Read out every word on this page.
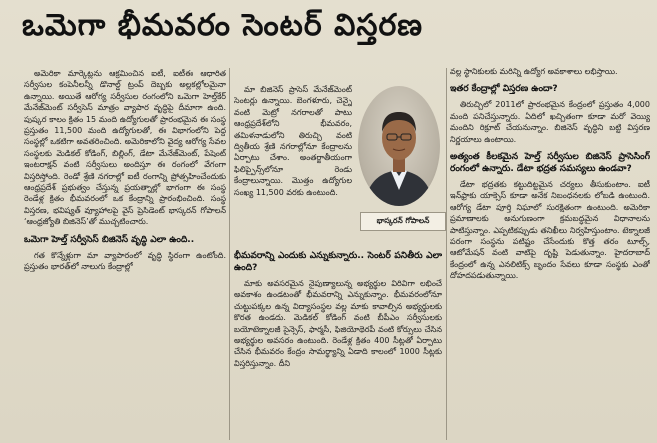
ఒమెగా భీమవరం సెంటర్ విస్తరణ

అమెరికా మార్కెట్లను ఆక్రమించిన ఐటీ, ఐటీఈ ఆధారిత సర్వీసుల కంపెనీలన్నీ డొనాల్డ్ ట్రంప్ దెబ్బకు అల్లకల్లోలమైనా ఉన్నాయి. అయితే ఆరోగ్య సర్వీసుల రంగంలోని ఒమెగా హెల్త్‌కేర్ మేనేజ్‌మెంట్ సర్వీసెస్ మాత్రం వ్యాపార వృద్ధిపై దీమాగా ఉంది. పుష్కర కాలం క్రితం 15 మంది ఉద్యోగులతో ప్రారంభమైన ఈ సంస్థ ప్రస్తుతం 11,500 మంది ఉద్యోగులతో, ఈ విభాగంలోని పెద్ద సంస్థల్లో ఒకటిగా అవతరించింది. అమెరికాలోని వైద్య ఆరోగ్య సేవల సంస్థలకు మెడికల్ కోడింగ్, బిల్లింగ్, డేటా మేనేజ్‌మెంట్, పేషెంట్ ఇంటరాక్షన్ వంటి సర్వీసులు అందిస్తూ ఈ రంగంలో వేగంగా విస్తరిస్తోంది. రెండో శ్రేణి నగరాల్లో ఐటీ రంగాన్ని ప్రోత్సహించేందుకు ఆంధ్రప్రదేశ్ ప్రభుత్వం చేస్తున్న ప్రయత్నాల్లో భాగంగా ఈ సంస్థ రెండేళ్ల క్రితం భీమవరంలో ఒక కేంద్రాన్ని ప్రారంభించింది. సంస్థ విస్తరణ, భవిష్యత్ వ్యూహాలపై వైస్ ప్రెసిడెంట్ భాస్కరన్ గోపాలన్ ‘ఆంధ్రజ్యోతి బిజినెస్’తో ముచ్చటించారు.

ఒమెగా హెల్త్ సర్వీసెస్ బిజినెస్ వృద్ధి ఎలా ఉంది..

గత కొన్నేళ్లుగా మా వ్యాపారంలో వృద్ధి స్థిరంగా ఉంటోంది. ప్రస్తుతం భారత్‌లో నాలుగు కేంద్రాల్లో

మా బిజినెస్ ప్రాసెస్ మేనేజ్‌మెంట్ సెంటర్లు ఉన్నాయి. బెంగళూరు, చెన్నై వంటి మెట్రో నగరాలతో పాటు ఆంధ్రప్రదేశ్‌లోని భీమవరం, తమిళనాడులోని తిరుచ్చి వంటి ద్వితీయ శ్రేణి నగరాల్లోనూ కేంద్రాలను ఏర్పాటు చేశాం. అంతర్జాతీయంగా ఫిలిప్పైన్స్‌లోనూ రెండు కేంద్రాలున్నాయి. మొత్తం ఉద్యోగుల సంఖ్య 11,500 వరకు ఉంటుంది.

భాస్కరన్ గోపాలన్
భీమవరాన్ని ఎందుకు ఎన్నుకున్నారు.. సెంటర్ పనితీరు ఎలా ఉంది?

మాకు అవసరమైన నైపుణ్యాలున్న అభ్యర్థుల విరివిగా లభించే అవకాశం ఉండటంతో భీమవరాన్ని ఎన్నుకున్నాం. భీమవరంలోనూ చుట్టుపక్కల ఉన్న విద్యాసంస్థల వల్ల మాకు కావాల్సిన అభ్యర్థులకు కొరత ఉండదు. మెడికల్ కోడింగ్ వంటి బీపీఎం సర్వీసులకు బయోటెక్నాలజీ సైన్సెస్, ఫార్మసీ, ఫిజియోథెరపీ వంటి కోర్సులు చేసిన అభ్యర్థుల అవసరం ఉంటుంది. రెండేళ్ల క్రితం 400 సీట్లతో ఏర్పాటు చేసిన భీమవరం కేంద్రం సామర్థ్యాన్ని ఏడాది కాలంలో 1000 సీట్లకు విస్తరిస్తున్నాం. దీని

వల్ల స్థానికులకు మరిన్ని ఉద్యోగ అవకాశాలు లభిస్తాయి.

ఇతర కేంద్రాల్లో విస్తరణ ఉందా?

తిరుచ్చిలో 2011లో ప్రారంభమైన కేంద్రంలో ప్రస్తుతం 4,000 మంది పనిచేస్తున్నారు. ఏదిలో ఖచ్చితంగా కూడా మరో వెయ్యి మందిని రిక్రూట్ చేయనున్నాం. బిజినెస్ వృద్ధిని బట్టి విస్తరణ నిర్ణయాలు ఉంటాయి.

అత్యంత కీలకమైన హెల్త్ సర్వీసుల బిజినెస్ ప్రాసెసింగ్ రంగంలో ఉన్నారు. డేటా భద్రత సమస్యలు ఉండవా?

డేటా భద్రతకు కట్టుదిట్టమైన చర్యలు తీసుకుంటాం. ఐటీ ఇన్‌ఫ్రాకు యాక్సెస్ కూడా అనేక నిబంధనలకు లోబడి ఉంటుంది. ఆరోగ్య డేటా పూర్తి నిఘాలో సురక్షితంగా ఉంటుంది. అమెరికా ప్రమాణాలకు అనుగుణంగా క్రమబద్ధమైన విధానాలను పాటిస్తున్నాం. ఎప్పటికప్పుడు తనిఖీలు నిర్వహిస్తుంటాం. టెక్నాలజీ పరంగా సంస్థను పటిష్టం చేసేందుకు కొత్త తరం టూల్స్, ఆటోమేషన్ వంటి వాటిపై దృష్టి పెడుతున్నాం. హైదరాబాద్ కేంద్రంలో ఉన్న ఎనలిటిక్స్ బృందం సేవలు కూడా సంస్థకు ఎంతో దోహదపడుతున్నాయి.
